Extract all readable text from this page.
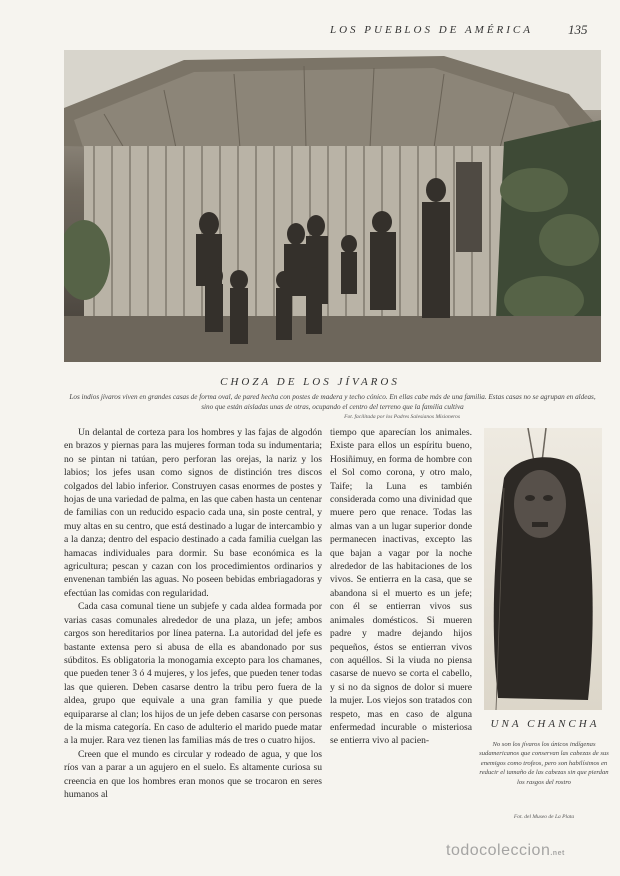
LOS PUEBLOS DE AMÉRICA	135
CHOZA DE LOS JÍVAROS
Los indios jívaros viven en grandes casas de forma oval, de pared hecha con postes de madera y techo cónico. En ellas cabe más de una familia. Estas casas no se agrupan en aldeas, sino que están aisladas unas de otras, ocupando el centro del terreno que la familia cultiva
Fot. facilitada por los Padres Salesianos Misioneros

Un delantal de corteza para los hombres y las fajas de algodón en brazos y piernas para las mujeres forman toda su indumentaria; no se pintan ni tatúan, pero perforan las orejas, la nariz y los labios; los jefes usan como signos de distinción tres discos colgados del labio inferior. Construyen casas enormes de postes y hojas de una variedad de palma, en las que caben hasta un centenar de familias con un reducido espacio cada una, sin poste central, y muy altas en su centro, que está destinado a lugar de intercambio y a la danza; dentro del espacio destinado a cada familia cuelgan las hamacas individuales para dormir. Su base económica es la agricultura; pescan y cazan con los procedimientos ordinarios y envenenan también las aguas. No poseen bebidas embriagadoras y efectúan las comidas con regularidad.

Cada casa comunal tiene un subjefe y cada aldea formada por varias casas comunales alrededor de una plaza, un jefe; ambos cargos son hereditarios por línea paterna. La autoridad del jefe es bastante extensa pero si abusa de ella es abandonado por sus súbditos. Es obligatoria la monogamia excepto para los chamanes, que pueden tener 3 ó 4 mujeres, y los jefes, que pueden tener todas las que quieren. Deben casarse dentro la tribu pero fuera de la aldea, grupo que equivale a una gran familia y que puede equipararse al clan; los hijos de un jefe deben casarse con personas de la misma categoría. En caso de adulterio el marido puede matar a la mujer. Rara vez tienen las familias más de tres o cuatro hijos.

Creen que el mundo es circular y rodeado de agua, y que los ríos van a parar a un agujero en el suelo. Es altamente curiosa su creencia en que los hombres eran monos que se trocaron en seres humanos al

tiempo que aparecían los animales. Existe para ellos un espíritu bueno, Hosiñimuy, en forma de hombre con el Sol como corona, y otro malo, Taife; la Luna es también considerada como una divinidad que muere pero que renace. Todas las almas van a un lugar superior donde permanecen inactivas, excepto las que bajan a vagar por la noche alrededor de las habitaciones de los vivos. Se entierra en la casa, que se abandona si el muerto es un jefe; con él se entierran vivos sus animales domésticos. Si mueren padre y madre dejando hijos pequeños, éstos se entierran vivos con aquéllos. Si la viuda no piensa casarse de nuevo se corta el cabello, y si no da signos de dolor si muere la mujer. Los viejos son tratados con respeto, mas en caso de alguna enfermedad incurable o misteriosa se entierra vivo al pacien-

UNA CHANCHA
No son los jívaros los únicos indígenas sudamericanos que conservan las cabezas de sus enemigos como trofeos, pero son habilísimos en reducir el tamaño de las cabezas sin que pierdan los rasgos del rostro
Fot. del Museo de La Plata
todocoleccion.net
